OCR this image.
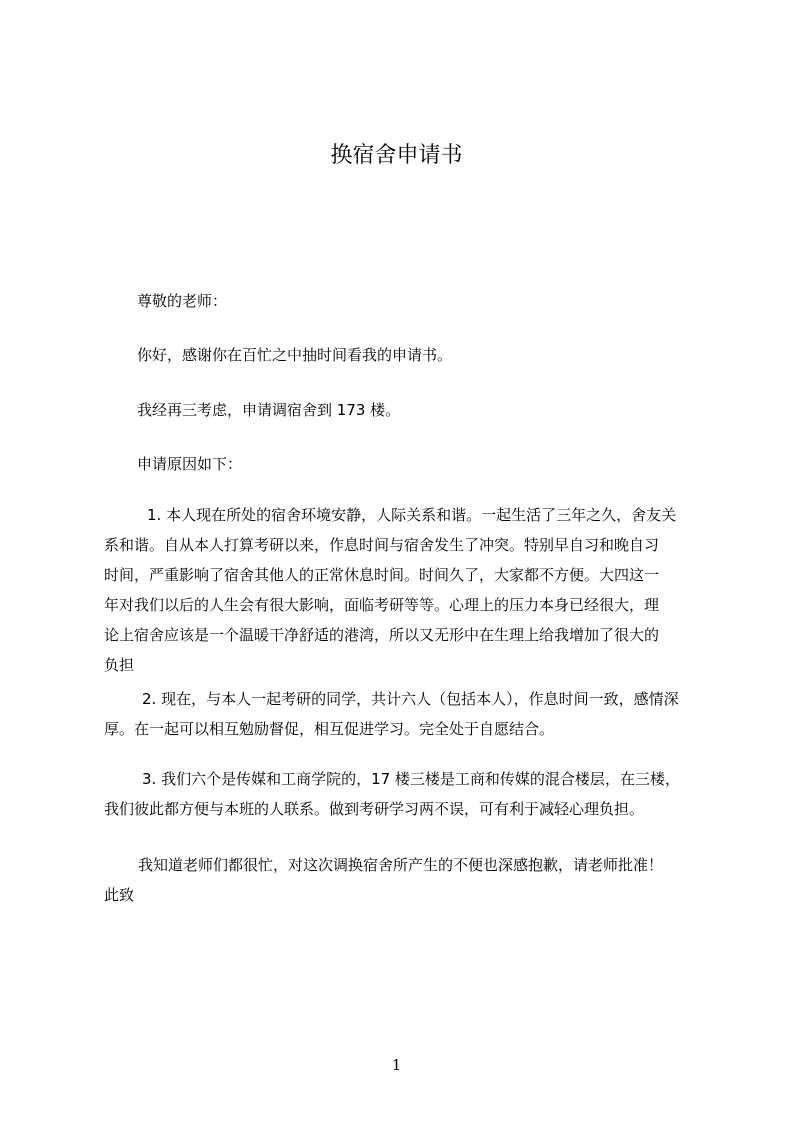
换宿舍申请书

尊敬的老师：

你好，感谢你在百忙之中抽时间看我的申请书。

我经再三考虑，申请调宿舍到 173 楼。

申请原因如下：

1. 本人现在所处的宿舍环境安静，人际关系和谐。一起生活了三年之久，舍友关
系和谐。自从本人打算考研以来，作息时间与宿舍发生了冲突。特别早自习和晚自习
时间，严重影响了宿舍其他人的正常休息时间。时间久了，大家都不方便。大四这一
年对我们以后的人生会有很大影响，面临考研等等。心理上的压力本身已经很大，理
论上宿舍应该是一个温暖干净舒适的港湾，所以又无形中在生理上给我增加了很大的
负担
2. 现在，与本人一起考研的同学，共计六人（包括本人），作息时间一致，感情深
厚。在一起可以相互勉励督促，相互促进学习。完全处于自愿结合。
3. 我们六个是传媒和工商学院的，17 楼三楼是工商和传媒的混合楼层，在三楼，
我们彼此都方便与本班的人联系。做到考研学习两不误，可有利于减轻心理负担。
我知道老师们都很忙，对这次调换宿舍所产生的不便也深感抱歉，请老师批准！
此致
1
